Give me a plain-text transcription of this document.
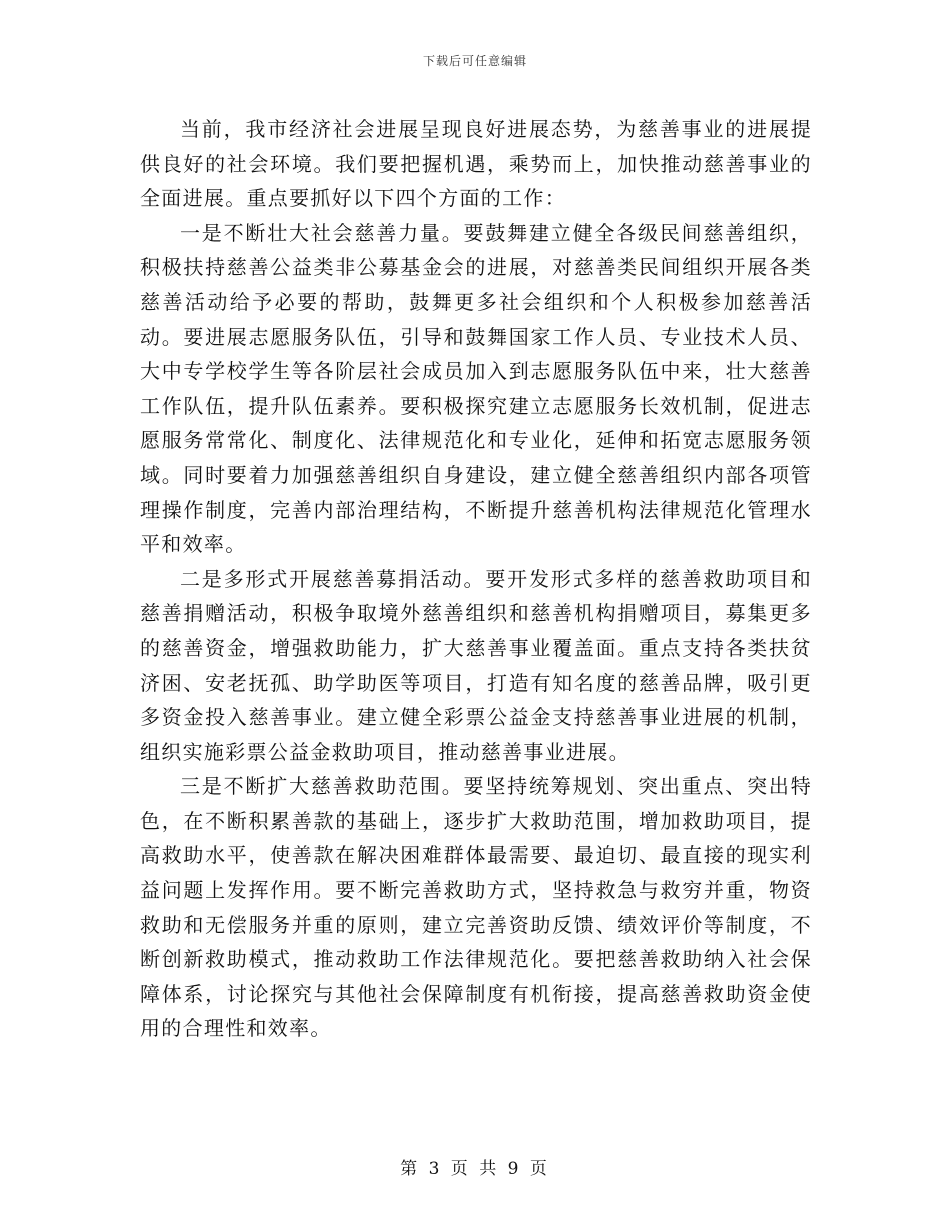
下载后可任意编辑

当前，我市经济社会进展呈现良好进展态势，为慈善事业的进展提供良好的社会环境。我们要把握机遇，乘势而上，加快推动慈善事业的全面进展。重点要抓好以下四个方面的工作：

一是不断壮大社会慈善力量。要鼓舞建立健全各级民间慈善组织，积极扶持慈善公益类非公募基金会的进展，对慈善类民间组织开展各类慈善活动给予必要的帮助，鼓舞更多社会组织和个人积极参加慈善活动。要进展志愿服务队伍，引导和鼓舞国家工作人员、专业技术人员、大中专学校学生等各阶层社会成员加入到志愿服务队伍中来，壮大慈善工作队伍，提升队伍素养。要积极探究建立志愿服务长效机制，促进志愿服务常常化、制度化、法律规范化和专业化，延伸和拓宽志愿服务领域。同时要着力加强慈善组织自身建设，建立健全慈善组织内部各项管理操作制度，完善内部治理结构，不断提升慈善机构法律规范化管理水平和效率。

二是多形式开展慈善募捐活动。要开发形式多样的慈善救助项目和慈善捐赠活动，积极争取境外慈善组织和慈善机构捐赠项目，募集更多的慈善资金，增强救助能力，扩大慈善事业覆盖面。重点支持各类扶贫济困、安老抚孤、助学助医等项目，打造有知名度的慈善品牌，吸引更多资金投入慈善事业。建立健全彩票公益金支持慈善事业进展的机制，组织实施彩票公益金救助项目，推动慈善事业进展。

三是不断扩大慈善救助范围。要坚持统筹规划、突出重点、突出特色，在不断积累善款的基础上，逐步扩大救助范围，增加救助项目，提高救助水平，使善款在解决困难群体最需要、最迫切、最直接的现实利益问题上发挥作用。要不断完善救助方式，坚持救急与救穷并重，物资救助和无偿服务并重的原则，建立完善资助反馈、绩效评价等制度，不断创新救助模式，推动救助工作法律规范化。要把慈善救助纳入社会保障体系，讨论探究与其他社会保障制度有机衔接，提高慈善救助资金使用的合理性和效率。

第 3 页 共 9 页
